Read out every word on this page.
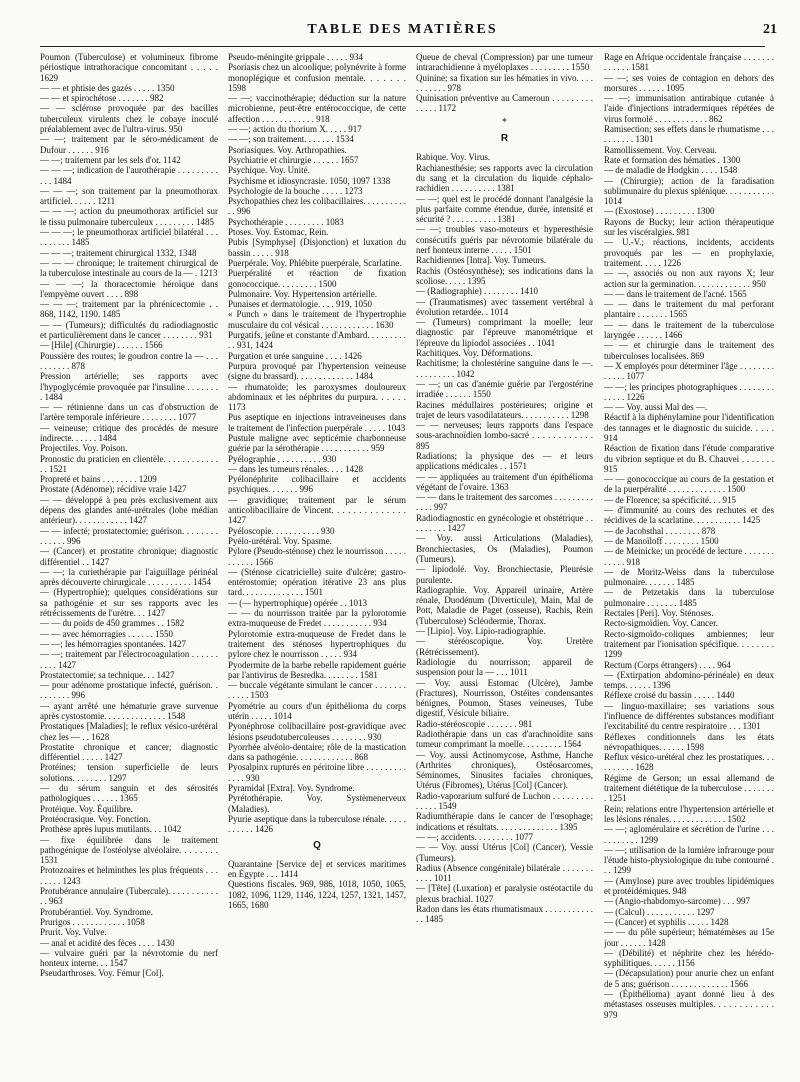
TABLE DES MATIÈRES	21
Poumon (Tuberculose) et volumineux fibrome périostique intrathoracique concomitant . . . . . 1629
— — et phtisie des gazés . . . . . 1350
— — et spirochétose . . . . . . . 982
— — sclérose provoquée par des bacilles tuberculeux virulents chez le cobaye inoculé préalablement avec de l'ultra-virus. 950
— —; traitement par le séro-médicament de Dufour . . . . . . 916
— —; traitement par les sels d'or. 1142
— — —; indication de l'aurothérapie . . . . . . . . . . . . 1484
— — —; son traitement par la pneumothorax artificiel. . . . . . 1211
— — —; action du pneumothorax artificiel sur le tissu pulmonaire tuberculeux . . . . . . . . . 1485
— — —; le pneumothorax artificiel bilatéral . . . . . . . . . . 1485
— — —; traitement chirurgical 1332, 1348
— — — chronique; le traitement chirurgical de la tuberculose intestinale au cours de la — . 1213
— — —; la thoracectomie héroïque dans l'empyème ouvert . . . . 898
— — —; traitement par la phrénicectomie . . 868, 1142, 1190. 1485
— — (Tumeurs); difficultés du radiodiagnostic et particulièrement dans le cancer . . . . . . . . 931
— [Hile] (Chirurgie) . . . . . . 1566
Poussière des routes; le goudron contre la — . . . . . . . . . . 878
Pression artérielle; ses rapports avec l'hypoglycémie provoquée par l'insuline . . . . . . . . 1484
— — rétinienne dans un cas d'obstruction de l'artère temporale inférieure . . . . . . . . 1077
— veineuse; critique des procédés de mesure indirecte. . . . . . 1484
Projectiles. Voy. Poison.
Pronostic du praticien en clientèle. . . . . . . . . . . . . . 1521
Propreté et bains . . . . . . . . 1209
Prostate (Adénome); récidive vraie 1427
— — développé à peu près exclusivement aux dépens des glandes anté-urétrales (lobe médian antérieur). . . . . . . . . . . . 1427
— — infecté; prostatectomie; guérison. . . . . . . . . . . . . . 996
— (Cancer) et prostatite chronique; diagnostic différentiel . . 1427
— —; la curiethérapie par l'aiguillage périnéal après découverte chirurgicale . . . . . . . . . . 1454
— (Hypertrophie); quelques considérations sur sa pathogénie et sur ses rapports avec les rétrécissements de l'urètre. . . 1427
— — du poids de 450 grammes . . 1582
— — avec hémorragies . . . . . . 1550
— —; les hémorragies spontanées. 1427
— —; traitement par l'électrocoagulation . . . . . . . . . . 1427
Prostatectomie; sa technique. . . 1427
— pour adénome prostatique infecté, guérison. . . . . . . . . 996
— ayant arrêté une hématurie grave survenue après cystostomie. . . . . . . . . . . . . . 1548
Prostatiques [Maladies]; le reflux vésico-urétéral chez les — . . 1628
Prostatite chronique et cancer; diagnostic différentiel . . . . . 1427
Protéines; tension superficielle de leurs solutions. . . . . . . . 1297
— du sérum sanguin et des sérosités pathologiques . . . . . . 1365
Protéique. Voy. Équilibre.
Protéocrasique. Voy. Fonction.
Prothèse après lupus mutilants. . . 1042
— fixe équilibrée dans le traitement pathogénique de l'ostéolyse alvéolaire. . . . . . . . 1531
Protozoaires et helminthes les plus fréquents . . . . . . . . 1243
Protubérance annulaire (Tubercule). . . . . . . . . . . . . 963
Protubérantiel. Voy. Syndrome.
Prurigos . . . . . . . . . . . . 1058
Prurit. Voy. Vulve.
— anal et acidité des fèces . . . . 1430
— vulvaire guéri par la névrotomie du nerf honteux interne. . . 1547
Pseudarthroses. Voy. Fémur [Col].
Pseudo-méningite grippale . . . . . 934
Psoriasis chez un alcoolique; polynévrite à forme monoplégique et confusion mentale. . . . . . . 1598
— —; vaccinothérapie; déduction sur la nature microbienne, peut-être entérococcique, de cette affection . . . . . . . . . . . . 918
— —; action du thorium X. . . . . 917
— —; son traitement. . . . . . . 1534
Psoriasiques. Voy. Arthropathies.
Psychiatrie et chirurgie . . . . . . 1657
Psychique. Voy. Unité.
Psychisme et idiosyncrasie. 1050, 1097 1338
Psychologie de la bouche . . . . . 1273
Psychopathies chez les colibacillaires. . . . . . . . . . . . 996
Psychothérapie . . . . . . . . . 1083
Ptoses. Voy. Estomac, Rein.
Pubis [Symphyse] (Disjonction) et luxation du bassin . . . . . 918
Puerpérale. Voy. Phlébite puerpérale, Scarlatine.
Puerpéralité et réaction de fixation gonococcique. . . . . . . . . 1500
Pulmonaire. Voy. Hypertension artérielle.
Punaises et dermatologie. . . . 919, 1050
« Punch » dans le traitement de l'hypertrophie musculaire du col vésical . . . . . . . . . . . . 1630
Purgatifs, jeûne et constante d'Ambard. . . . . . . . . . . 931, 1424
Purgation et urée sanguine . . . . 1426
Purpura provoqué par l'hypertension veineuse (signe du brassard). . . . . . . . . . . . . 1484
— rhumatoïde; les paroxysmes douloureux abdominaux et les néphrites du purpura. . . . . . 1173
Pus aseptique en injections intraveineuses dans le traitement de l'infection puerpérale . . . . . 1043
Pustule maligne avec septicémie charbonneuse guérie par la sérothérapie . . . . . . . . . . . 959
Pyélographie . . . . . . . . . . 930
— dans les tumeurs rénales. . . . 1428
Pyélonéphrite colibacillaire et accidents psychiques. . . . . . . 996
— gravidique; traitement par le sérum anticolibacillaire de Vincent. . . . . . . . . . . . . . 1427
Pyéloscopie. . . . . . . . . . . 930
Pyélo-urétéral. Voy. Spasme.
Pylore (Pseudo-sténose) chez le nourrisson . . . . . . . . . . . 1566
— (Sténose cicatricielle) suite d'ulcère; gastro-entérostomie; opération itérative 23 ans plus tard. . . . . . . . . . . . . . 1501
— (— hypertrophique) opérée . . 1013
— — du nourrisson traitée par la pylorotomie extra-muqueuse de Fredet . . . . . . . . . . . 934
Pylorotomie extra-muqueuse de Fredet dans le traitement des sténoses hypertrophiques du pylore chez le nourrisson . . . . . 934
Pyodermite de la barbe rebelle rapidement guérie par l'antivirus de Besredka. . . . . . . . 1581
— buccale végétante simulant le cancer . . . . . . . . . . . . 1503
Pyométrie au cours d'un épithélioma du corps utérin . . . . . 1014
Pyonéphrose colibacillaire post-gravidique avec lésions pseudotuberculeuses . . . . . . . . 930
Pyorrhée alvéolo-dentaire; rôle de la mastication dans sa pathogénie. . . . . . . . . . . . . 868
Pyosalpinx rupturés en péritoine libre . . . . . . . . . . . . . 930
Pyramidal [Extra]. Voy. Syndrome.
Pyrétothérapie. Voy. Systèmenerveux (Maladies).
Pyurie aseptique dans la tuberculose rénale. . . . . . . . . . . 1426
Q
Quarantaine [Service de] et services maritimes en Égypte . . . 1414
Questions fiscales. 969, 986, 1018, 1050, 1065, 1082, 1096, 1129, 1146, 1224, 1257, 1321, 1457, 1665, 1680
Queue de cheval (Compression) par une tumeur intrarachidienne à myéloplaxes . . . . . . . . . 1550
Quinine; sa fixation sur les hématies in vivo. . . . . . . . . . . 978
Quinisation préventive au Cameroun . . . . . . . . . . . . . . 1172
*
R
Rabique. Voy. Virus.
Rachianesthésie; ses rapports avec la circulation du sang et la circulation du liquide céphalo-rachidien . . . . . . . . . . 1381
— —; quel est le procédé donnant l'analgésie la plus parfaite comme étendue, durée, intensité et sécurité ? . . . . . . . . . . 1381
— —; troubles vaso-moteurs et hyperesthésie consécutifs guéris par névrotomie bilatérale du nerf honteux interne . . . . . 1501
Rachidiennes [Intra]. Voy. Tumeurs.
Rachis (Ostéosynthèse); ses indications dans la scoliose. . . . . 1395
— (Radiographie) . . . . . . . . 1410
— (Traumatismes) avec tassement vertébral à évolution retardée. . 1014
— (Tumeurs) comprimant la moelle; leur diagnostic par l'épreuve manométrique et l'épreuve du lipiodol associées . . 1041
Rachitiques. Voy. Déformations.
Rachitisme; la cholestérine sanguine dans le —. . . . . . . . . . 1042
— —; un cas d'anémie guérie par l'ergostérine irradiée . . . . . . 1550
Racines médullaires postérieures; origine et trajet de leurs vasodilatateurs. . . . . . . . . . . 1298
— — nerveuses; leurs rapports dans l'espace sous-arachnoïdien lombo-sacré . . . . . . . . . . . . 895
Radiations; la physique des — et leurs applications médicales . . 1571
— — appliquées au traitement d'un épithélioma végétant de l'ovaire. 1363
— — dans le traitement des sarcomes . . . . . . . . . . . . . 997
Radiodiagnostic en gynécologie et obstétrique . . . . . . . . . 1427
— Voy. aussi Articulations (Maladies), Bronchiectasies, Os (Maladies), Poumon (Tumeurs).
— lipiodolé. Voy. Bronchiectasie, Pleurésie purulente.
Radiographie. Voy. Appareil urinaire, Artère rénale, Duodénum (Diverticule), Main, Mal de Pott, Maladie de Paget (osseuse), Rachis, Rein (Tuberculose) Scléodermie, Thorax.
— [Lipio]. Voy. Lipio-radiographie.
— stéréoscopique. Voy. Uretère (Rétrécissement).
Radiologie du nourrisson; appareil de suspension pour la — . . . 1011
— Voy. aussi Estomac (Ulcère), Jambe (Fractures), Nourrisson, Ostéites condensantes bénignes, Poumon, Stases veineuses, Tube digestif, Vésicule biliaire.
Radio-stéréoscopie . . . . . . . 981
Radiothérapie dans un cas d'arachnoïdite sans tumeur comprimant la moelle. . . . . . . . . 1564
— Voy. aussi Actinomycose, Asthme, Hanche (Arthrites chroniques), Ostéosarcomes, Séminomes, Sinusites faciales chroniques, Utérus (Fibromes), Utérus [Col] (Cancer).
Radio-vaporarium sulfuré de Luchon . . . . . . . . . . . . . . 1549
Radiumthérapie dans le cancer de l'œsophage; indications et résultats. . . . . . . . . . . . . . 1395
— —; accidents. . . . . . . . . 1077
— — Voy. aussi Utérus [Col] (Cancer), Vessie (Tumeurs).
Radius (Absence congénitale) bilatérale . . . . . . . . . . . 1011
— [Tête] (Luxation) et paralysie ostéotactile du plexus brachial. 1027
Radon dans les états rhumatismaux . . . . . . . . . . . . . 1485
Rage en Afrique occidentale française . . . . . . . . . . . . . 1581
— —; ses voies de contagion en dehors des morsures . . . . . . 1095
— —; immunisation antirabique cutanée à l'aide d'injections intradermiques répétées de virus formolé . . . . . . . . . . . . 862
Ramisection; ses effets dans le rhumatisme . . . . . . . . . . 1301
Ramollissement. Voy. Cerveau.
Rate et formation des hématies . 1300
— de maladie de Hodgkin . . . . 1548
— (Chirurgie); action de la faradisation sublimunaire du plexus splénique. . . . . . . . . . . 1014
— (Exostose) . . . . . . . . . 1300
Rayons de Bucky; leur action thérapeutique sur les viscéralgies. 981
— U.-V.; réactions, incidents, accidents provoqués par les — en prophylaxie, traitement. . . . . 1226
— —, associés ou non aux rayons X; leur action sur la germination. . . . . . . . . . . . . 950
— — dans le traitement de l'acné. 1565
— — dans le traitement du mal perforant plantaire . . . . . . . 1565
— — dans le traitement de la tuberculose laryngée . . . . . . 1466
— — et chirurgie dans le traitement des tuberculoses localisées. 869
— X employés pour déterminer l'âge . . . . . . . . . . . . . 1077
— —; les principes photographiques . . . . . . . . . . . . . 1226
— — Voy. aussi Mal des —.
Réactif à la diphénylamine pour l'identification des tannages et le diagnostic du suicide. . . . . 914
Réaction de fixation dans l'étude comparative du vibrion septique et du B. Chauvei . . . . . . . 915
— — gonococcique au cours de la gestation et de la puerpéralité . . . . . . . . . . . . . 1500
— de Florence; sa spécificité. . . 915
— d'immunité au cours des rechutes et des récidives de la scarlatine. . . . . . . . . . . 1425
— de Jacobsthal . . . . . . . . 878
— de Manoïloff . . . . . . . . 1500
— de Meinicke; un procédé de lecture . . . . . . . . . . . . 918
— de Moritz-Weiss dans la tuberculose pulmonaire. . . . . . . 1485
— de Petzetakis dans la tuberculose pulmonaire . . . . . . . 1485
Rectales [Peri]. Voy. Sténoses.
Recto-sigmoïdien. Voy. Cancer.
Recto-sigmoïdo-coliques ambiennes; leur traitement par l'ionisation spécifique. . . . . . . . 1299
Rectum (Corps étrangers) . . . . 964
— (Extirpation abdomino-périnéale) en deux temps. . . . . . 1396
Réflexe croisé du bassin . . . . . 1440
— linguo-maxillaire; ses variations sous l'influence de différentes substances modifiant l'excitabilité du centre respiratoire . . . 1301
Réflexes conditionnels dans les états névropathiques. . . . . . 1598
Reflux vésico-urétéral chez les prostatiques. . . . . . . . . . 1628
Régime de Gerson; un essai allemand de traitement diététique de la tuberculose . . . . . . . . 1251
Rein; relations entre l'hypertension artérielle et les lésions rénales. . . . . . . . . . . . . 1502
— —; aglomérulaire et sécrétion de l'urine . . . . . . . . . . . 1299
— —; utilisation de la lumière infrarouge pour l'étude histo-physiologique du tube contourné . . . 1299
— (Amylose) pure avec troubles lipidémiques et protéidémiques. 948
— (Angio-rhabdomyo-sarcome) . . . 997
— (Calcul) . . . . . . . . . . . 1297
— (Cancer) et syphilis . . . . . 1428
— — du pôle supérieur; hématémèses au 15e jour . . . . . . 1428
— (Débilité) et néphrite chez les hérédo-syphilitiques. . . . . . 1156
— (Décapsulation) pour anurie chez un enfant de 5 ans; guérison . . . . . . . . . . . . . 1566
— (Épithélioma) ayant donné lieu à des métastases osseuses multiples. . . . . . . . . . . . 979
